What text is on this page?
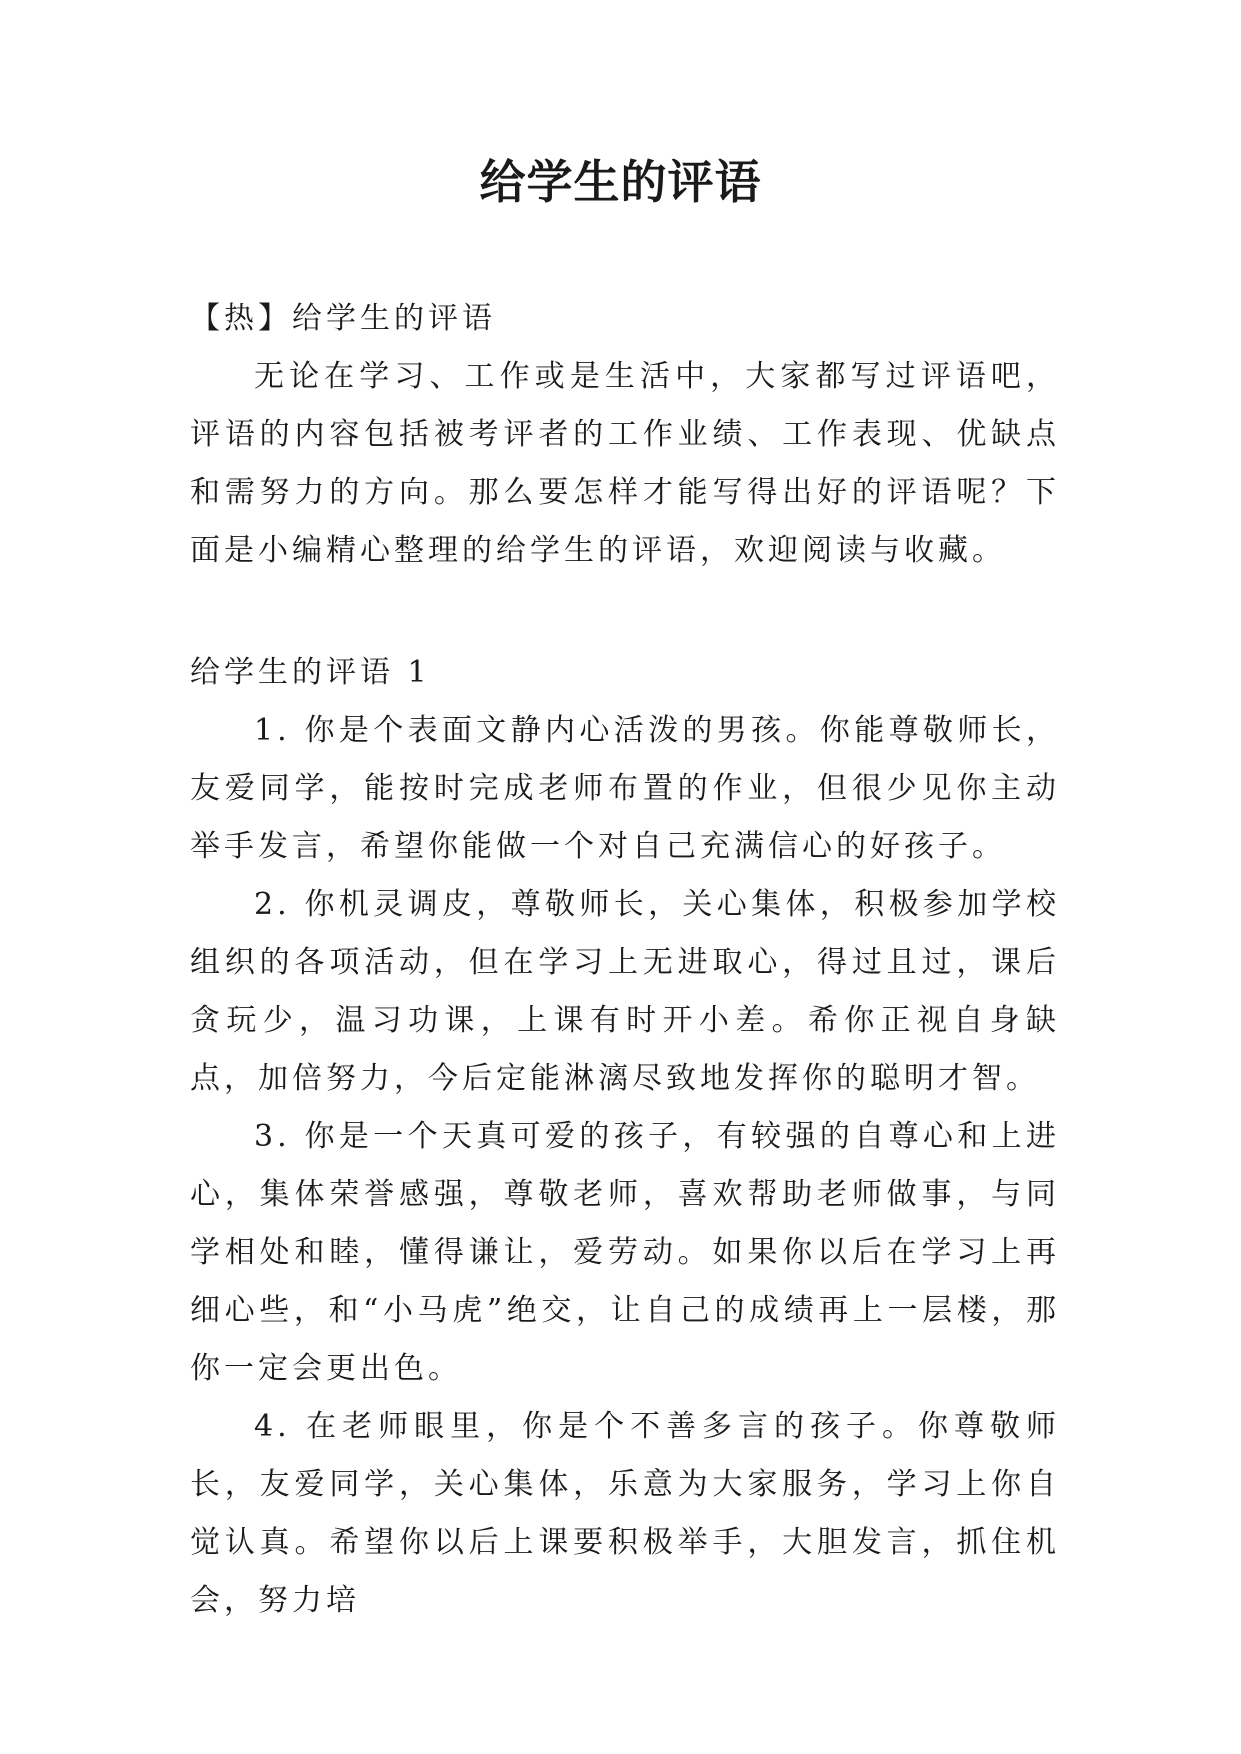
给学生的评语

【热】给学生的评语

无论在学习、工作或是生活中，大家都写过评语吧，评语的内容包括被考评者的工作业绩、工作表现、优缺点和需努力的方向。那么要怎样才能写得出好的评语呢？下面是小编精心整理的给学生的评语，欢迎阅读与收藏。

给学生的评语 1

1. 你是个表面文静内心活泼的男孩。你能尊敬师长，友爱同学，能按时完成老师布置的作业，但很少见你主动举手发言，希望你能做一个对自己充满信心的好孩子。

2. 你机灵调皮，尊敬师长，关心集体，积极参加学校组织的各项活动，但在学习上无进取心，得过且过，课后贪玩少，温习功课，上课有时开小差。希你正视自身缺点，加倍努力，今后定能淋漓尽致地发挥你的聪明才智。

3. 你是一个天真可爱的孩子，有较强的自尊心和上进心，集体荣誉感强，尊敬老师，喜欢帮助老师做事，与同学相处和睦，懂得谦让，爱劳动。如果你以后在学习上再细心些，和“小马虎”绝交，让自己的成绩再上一层楼，那你一定会更出色。

4. 在老师眼里，你是个不善多言的孩子。你尊敬师长，友爱同学，关心集体，乐意为大家服务，学习上你自觉认真。希望你以后上课要积极举手，大胆发言，抓住机会，努力培
